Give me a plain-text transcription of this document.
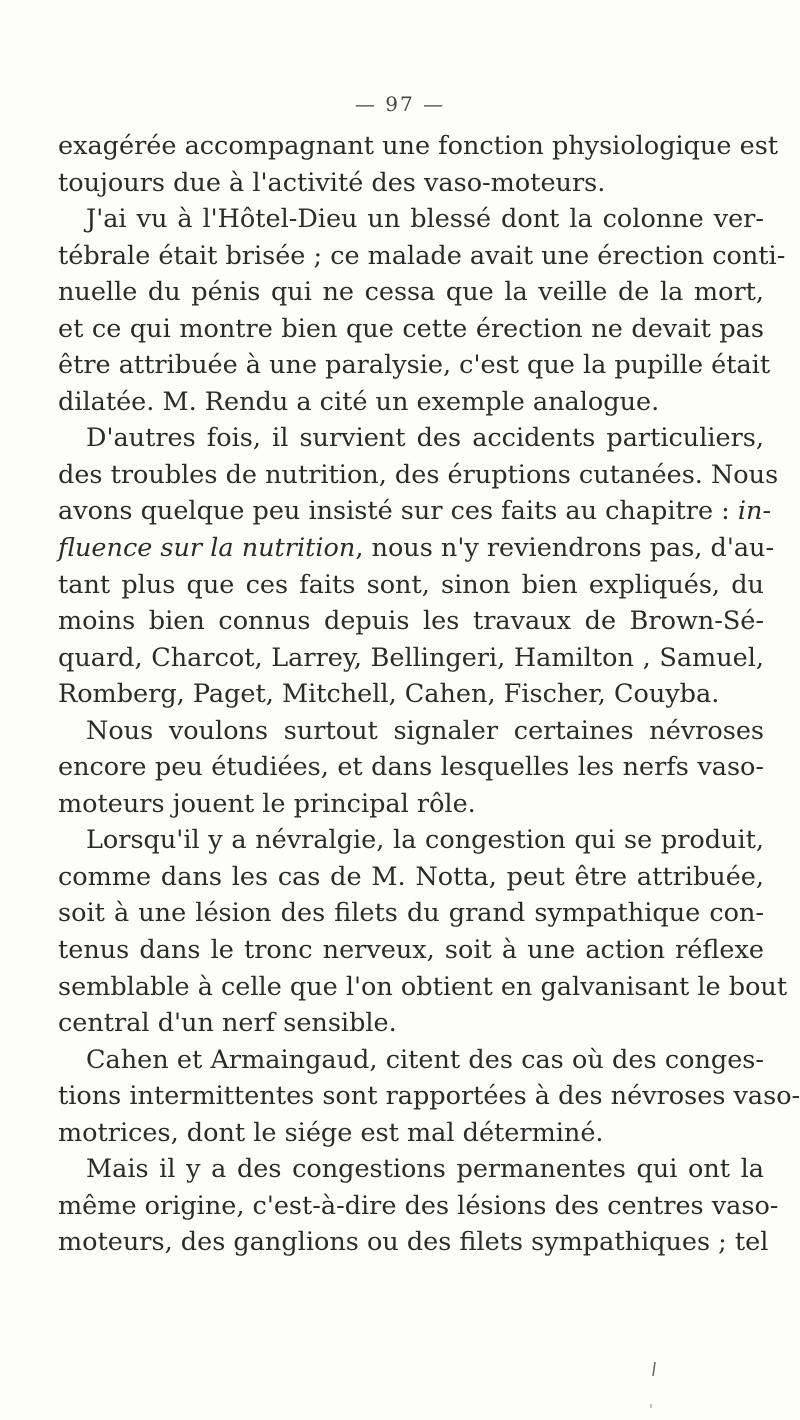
— 97 —
exagérée accompagnant une fonction physiologique est
toujours due à l'activité des vaso-moteurs.
J'ai vu à l'Hôtel-Dieu un blessé dont la colonne ver-
tébrale était brisée ; ce malade avait une érection conti-
nuelle du pénis qui ne cessa que la veille de la mort,
et ce qui montre bien que cette érection ne devait pas
être attribuée à une paralysie, c'est que la pupille était
dilatée. M. Rendu a cité un exemple analogue.
D'autres fois, il survient des accidents particuliers,
des troubles de nutrition, des éruptions cutanées. Nous
avons quelque peu insisté sur ces faits au chapitre : in-
fluence sur la nutrition, nous n'y reviendrons pas, d'au-
tant plus que ces faits sont, sinon bien expliqués, du
moins bien connus depuis les travaux de Brown-Sé-
quard, Charcot, Larrey, Bellingeri, Hamilton , Samuel,
Romberg, Paget, Mitchell, Cahen, Fischer, Couyba.
Nous voulons surtout signaler certaines névroses
encore peu étudiées, et dans lesquelles les nerfs vaso-
moteurs jouent le principal rôle.
Lorsqu'il y a névralgie, la congestion qui se produit,
comme dans les cas de M. Notta, peut être attribuée,
soit à une lésion des filets du grand sympathique con-
tenus dans le tronc nerveux, soit à une action réflexe
semblable à celle que l'on obtient en galvanisant le bout
central d'un nerf sensible.
Cahen et Armaingaud, citent des cas où des conges-
tions intermittentes sont rapportées à des névroses vaso-
motrices, dont le siége est mal déterminé.
Mais il y a des congestions permanentes qui ont la
même origine, c'est-à-dire des lésions des centres vaso-
moteurs, des ganglions ou des filets sympathiques ; tel
